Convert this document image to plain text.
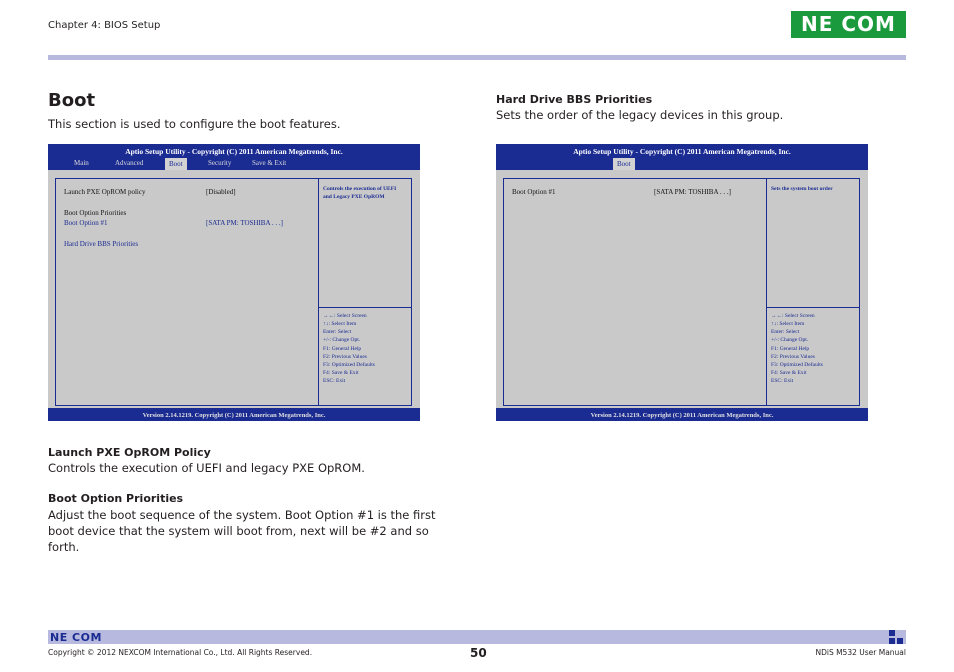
Chapter 4: BIOS Setup	NE COM
Boot
This section is used to configure the boot features.
Aptio Setup Utility - Copyright (C) 2011 American Megatrends, Inc.
Main	Advanced	Boot	Security	Save & Exit
Launch PXE OpROM policy	[Disabled]
Boot Option Priorities
Boot Option #1	[SATA PM: TOSHIBA . . .]
Hard Drive BBS Priorities
Controls the execution of UEFI
and Legacy PXE OpROM
→←: Select Screen
↑↓: Select Item
Enter: Select
+/-: Change Opt.
F1: General Help
F2: Previous Values
F3: Optimized Defaults
F4: Save & Exit
ESC: Exit
Version 2.14.1219. Copyright (C) 2011 American Megatrends, Inc.
Launch PXE OpROM Policy
Controls the execution of UEFI and legacy PXE OpROM.
Boot Option Priorities
Adjust the boot sequence of the system. Boot Option #1 is the first boot device that the system will boot from, next will be #2 and so forth.
Hard Drive BBS Priorities
Sets the order of the legacy devices in this group.
Aptio Setup Utility - Copyright (C) 2011 American Megatrends, Inc.
Boot
Boot Option #1	[SATA PM: TOSHIBA . . .]	Sets the system boot order
→←: Select Screen
↑↓: Select Item
Enter: Select
+/-: Change Opt.
F1: General Help
F2: Previous Values
F3: Optimized Defaults
F4: Save & Exit
ESC: Exit
Version 2.14.1219. Copyright (C) 2011 American Megatrends, Inc.
NE COM
Copyright © 2012 NEXCOM International Co., Ltd. All Rights Reserved.	50	NDiS M532 User Manual
